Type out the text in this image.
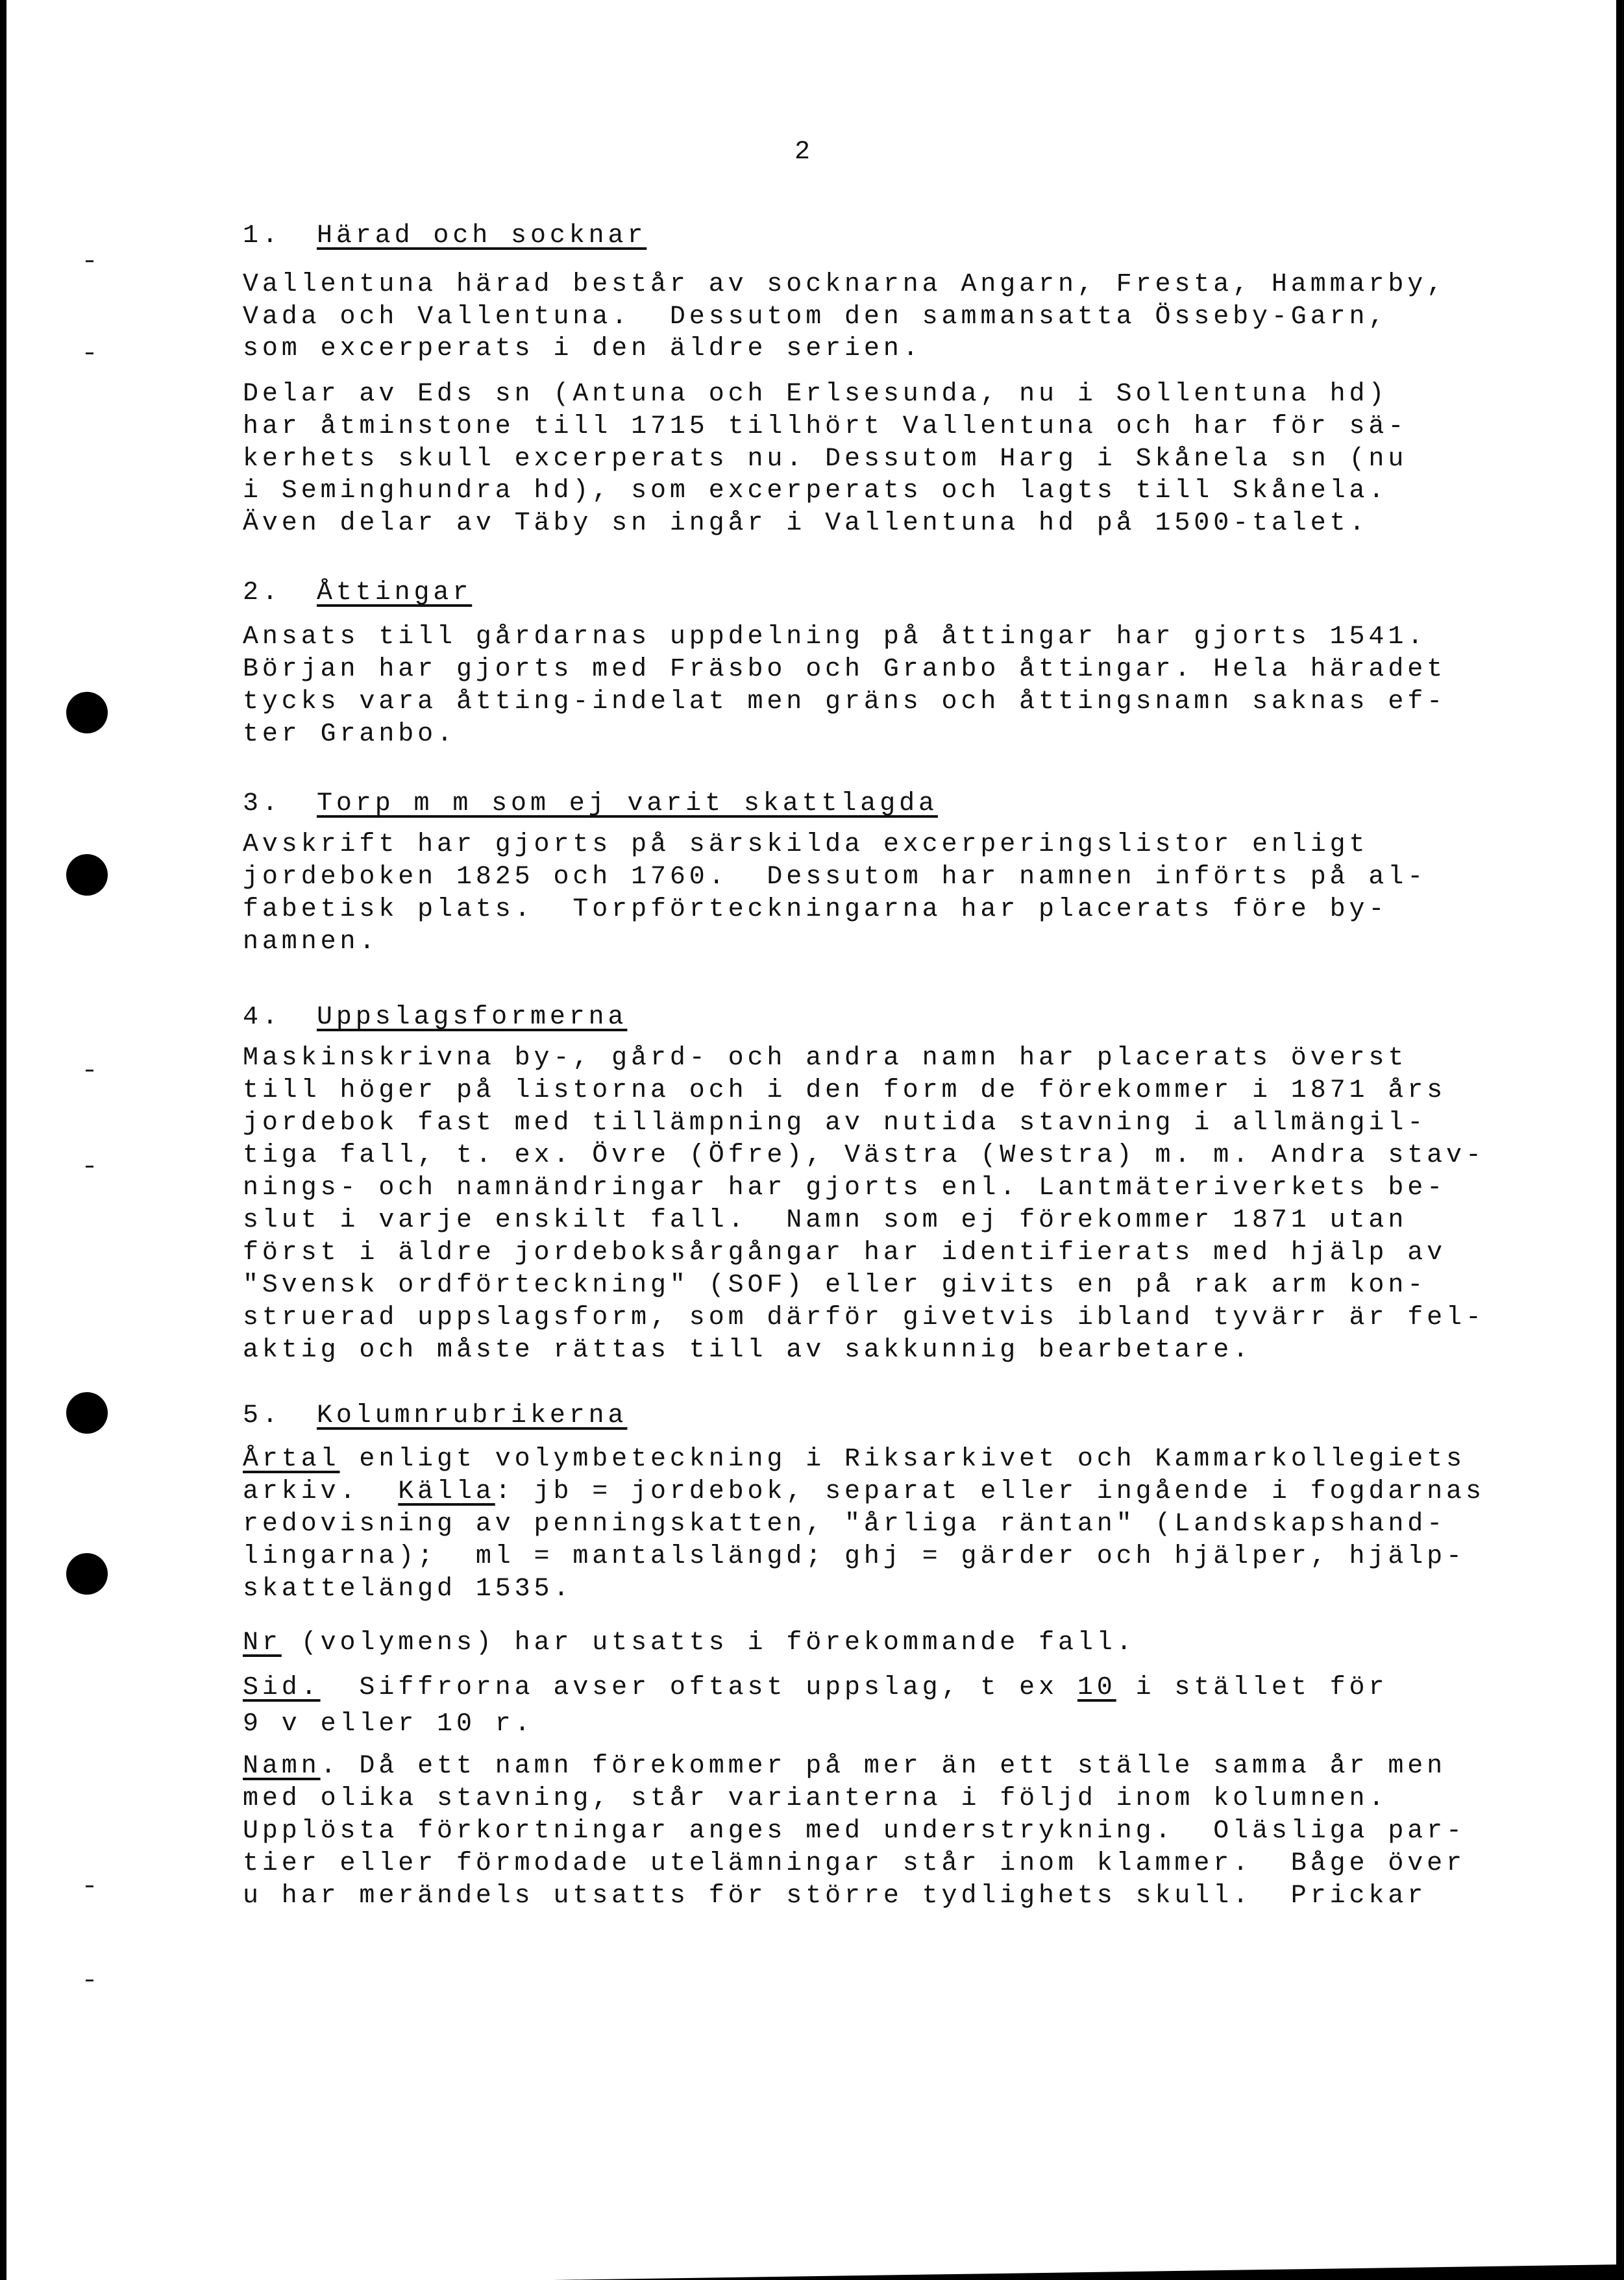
2
1. Härad och socknar
Vallentuna härad består av socknarna Angarn, Fresta, Hammarby,
Vada och Vallentuna.  Dessutom den sammansatta Össeby-Garn,
som excerperats i den äldre serien.
Delar av Eds sn (Antuna och Erlsesunda, nu i Sollentuna hd)
har åtminstone till 1715 tillhört Vallentuna och har för sä-
kerhets skull excerperats nu. Dessutom Harg i Skånela sn (nu
i Seminghundra hd), som excerperats och lagts till Skånela.
Även delar av Täby sn ingår i Vallentuna hd på 1500-talet.
2. Åttingar
Ansats till gårdarnas uppdelning på åttingar har gjorts 1541.
Början har gjorts med Fräsbo och Granbo åttingar. Hela häradet
tycks vara åtting-indelat men gräns och åttingsnamn saknas ef-
ter Granbo.
3. Torp m m som ej varit skattlagda
Avskrift har gjorts på särskilda excerperingslistor enligt
jordeboken 1825 och 1760.  Dessutom har namnen införts på al-
fabetisk plats.  Torpförteckningarna har placerats före by-
namnen.
4. Uppslagsformerna
Maskinskrivna by-, gård- och andra namn har placerats överst
till höger på listorna och i den form de förekommer i 1871 års
jordebok fast med tillämpning av nutida stavning i allmängil-
tiga fall, t. ex. Övre (Öfre), Västra (Westra) m. m. Andra stav-
nings- och namnändringar har gjorts enl. Lantmäteriverkets be-
slut i varje enskilt fall.  Namn som ej förekommer 1871 utan
först i äldre jordeboksårgångar har identifierats med hjälp av
"Svensk ordförteckning" (SOF) eller givits en på rak arm kon-
struerad uppslagsform, som därför givetvis ibland tyvärr är fel-
aktig och måste rättas till av sakkunnig bearbetare.
5. Kolumnrubrikerna
Årtal enligt volymbeteckning i Riksarkivet och Kammarkollegiets
arkiv.  Källa: jb = jordebok, separat eller ingående i fogdarnas
redovisning av penningskatten, "årliga räntan" (Landskapshand-
lingarna);  ml = mantalslängd; ghj = gärder och hjälper, hjälp-
skattelängd 1535.
Nr (volymens) har utsatts i förekommande fall.
Sid.  Siffrorna avser oftast uppslag, t ex 10 i stället för
9 v eller 10 r.
Namn. Då ett namn förekommer på mer än ett ställe samma år men
med olika stavning, står varianterna i följd inom kolumnen.
Upplösta förkortningar anges med understrykning.  Oläsliga par-
tier eller förmodade utelämningar står inom klammer.  Båge över
u har merändels utsatts för större tydlighets skull.  Prickar
